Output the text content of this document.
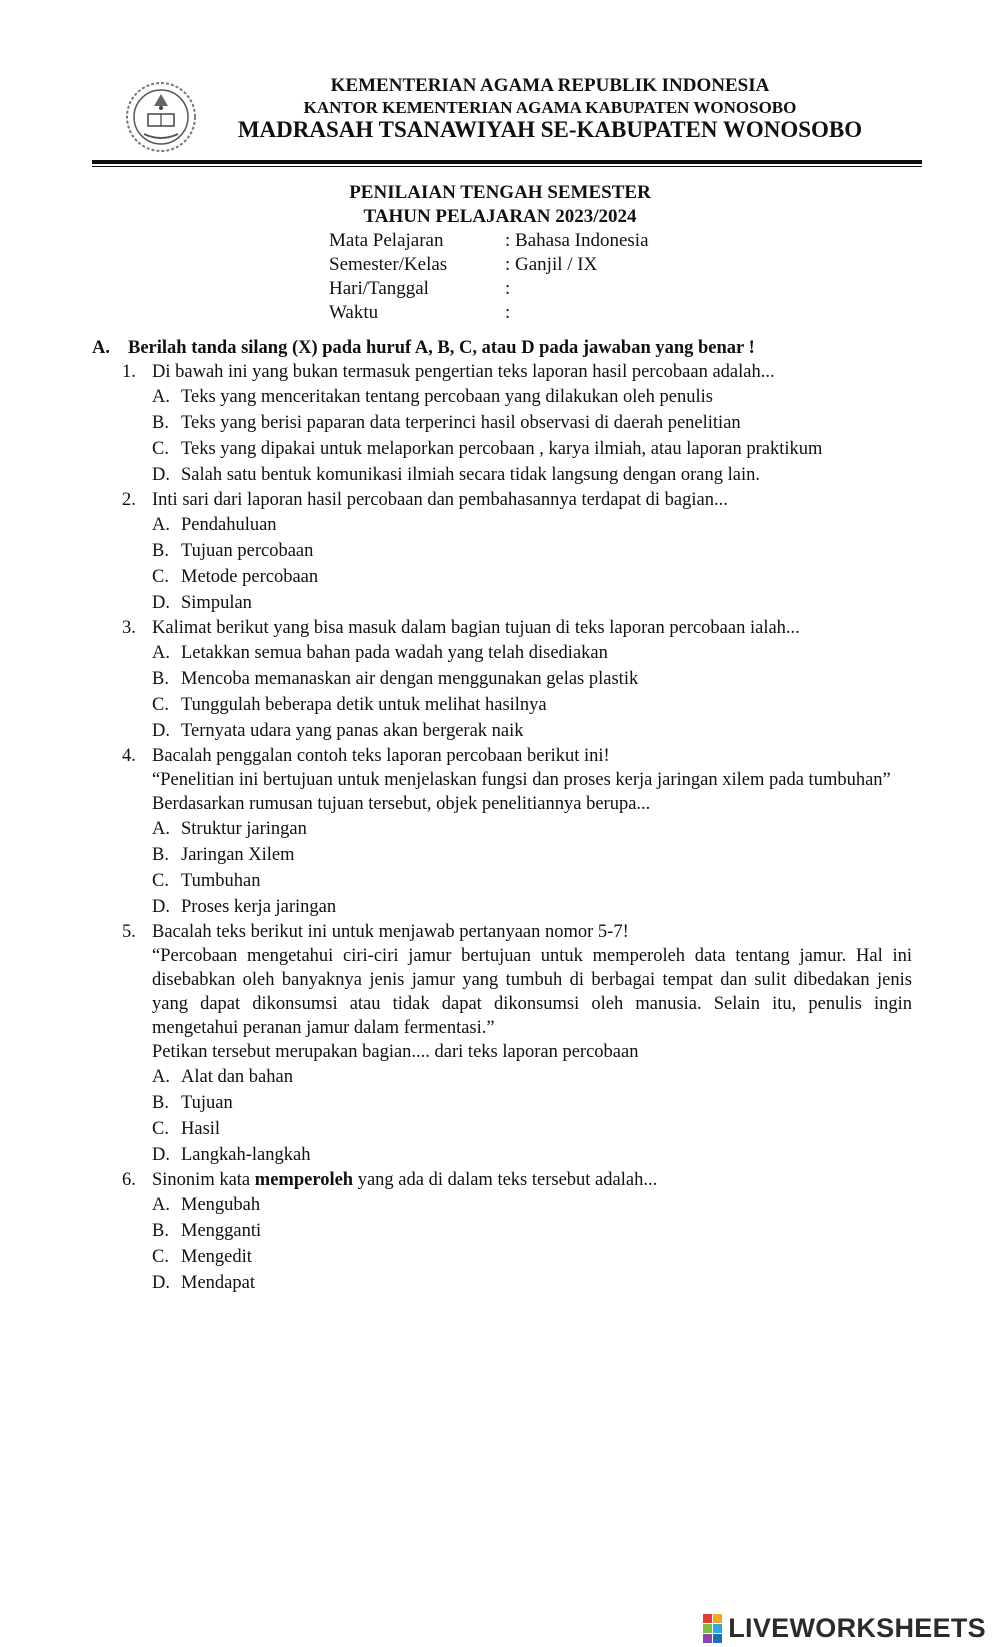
KEMENTERIAN AGAMA REPUBLIK INDONESIA
KANTOR KEMENTERIAN AGAMA KABUPATEN WONOSOBO
MADRASAH TSANAWIYAH SE-KABUPATEN WONOSOBO
PENILAIAN TENGAH SEMESTER
TAHUN PELAJARAN 2023/2024
Mata Pelajaran	: Bahasa Indonesia
Semester/Kelas	: Ganjil / IX
Hari/Tanggal	:
Waktu	:
A. Berilah tanda silang (X) pada huruf A, B, C, atau D pada jawaban yang benar !
1. Di bawah ini yang bukan termasuk pengertian teks laporan hasil percobaan adalah...
A. Teks yang menceritakan tentang percobaan yang dilakukan oleh penulis
B. Teks yang berisi paparan data terperinci hasil observasi di daerah penelitian
C. Teks yang dipakai untuk melaporkan percobaan , karya ilmiah, atau laporan praktikum
D. Salah satu bentuk komunikasi ilmiah secara tidak langsung dengan orang lain.
2. Inti sari dari laporan hasil percobaan dan pembahasannya terdapat di bagian...
A. Pendahuluan
B. Tujuan percobaan
C. Metode percobaan
D. Simpulan
3. Kalimat berikut yang bisa masuk dalam bagian tujuan di teks laporan percobaan ialah...
A. Letakkan semua bahan pada wadah yang telah disediakan
B. Mencoba memanaskan air dengan menggunakan gelas plastik
C. Tunggulah beberapa detik untuk melihat hasilnya
D. Ternyata udara yang panas akan bergerak naik
4. Bacalah penggalan contoh teks laporan percobaan berikut ini!
“Penelitian ini bertujuan untuk menjelaskan fungsi dan proses kerja jaringan xilem pada tumbuhan”
Berdasarkan rumusan tujuan tersebut, objek penelitiannya berupa...
A. Struktur jaringan
B. Jaringan Xilem
C. Tumbuhan
D. Proses kerja jaringan
5. Bacalah teks berikut ini untuk menjawab pertanyaan nomor 5-7!
“Percobaan mengetahui ciri-ciri jamur bertujuan untuk memperoleh data tentang jamur. Hal ini disebabkan oleh banyaknya jenis jamur yang tumbuh di berbagai tempat dan sulit dibedakan jenis yang dapat dikonsumsi atau tidak dapat dikonsumsi oleh manusia. Selain itu, penulis ingin mengetahui peranan jamur dalam fermentasi.”
Petikan tersebut merupakan bagian.... dari teks laporan percobaan
A. Alat dan bahan
B. Tujuan
C. Hasil
D. Langkah-langkah
6. Sinonim kata memperoleh yang ada di dalam teks tersebut adalah...
A. Mengubah
B. Mengganti
C. Mengedit
D. Mendapat
LIVEWORKSHEETS
